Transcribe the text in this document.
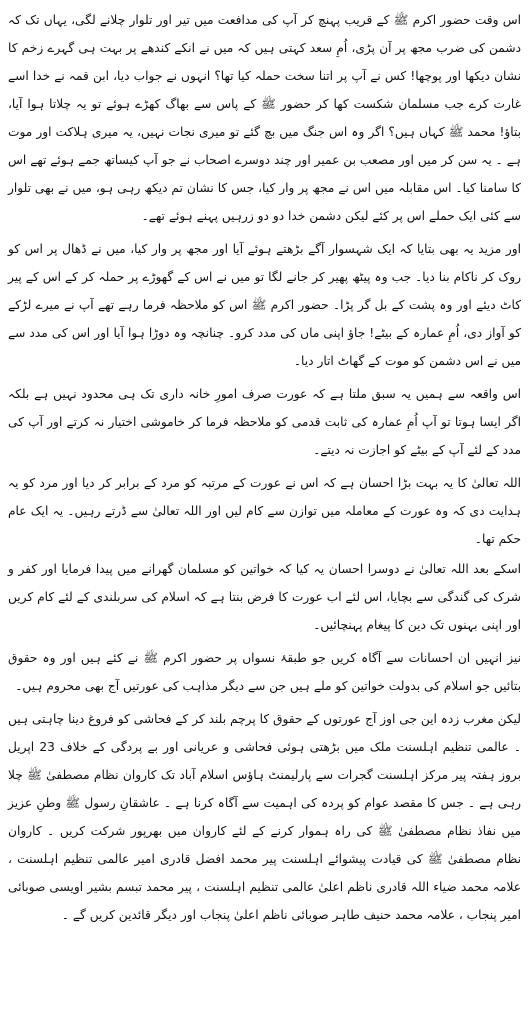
اس وقت حضور اکرم ﷺ کے قریب پہنچ کر آپ کی مدافعت میں تیر اور تلوار چلانے لگی، یہاں تک کہ دشمن کی ضرب مجھ پر آن پڑی، اُمِ سعد کہتی ہیں کہ میں نے انکے کندھے پر بہت ہی گہرے زخم کا نشان دیکھا اور پوچھا! کس نے آپ پر اتنا سخت حملہ کیا تھا؟ انہوں نے جواب دیا، ابن قمہ نے خدا اسے غارت کرے جب مسلمان شکست کھا کر حضور ﷺ کے پاس سے بھاگ کھڑے ہوئے تو یہ چلاتا ہوا آیا، بتاؤ! محمد ﷺ کہاں ہیں؟ اگر وہ اس جنگ میں بچ گئے تو میری نجات نہیں، یہ میری ہلاکت اور موت ہے ۔ یہ سن کر میں اور مصعب بن عمیر اور چند دوسرے اصحاب نے جو آپ کیساتھ جمے ہوئے تھے اس کا سامنا کیا۔ اس مقابلہ میں اس نے مجھ پر وار کیا، جس کا نشان تم دیکھ رہی ہو، میں نے بھی تلوار سے کئی ایک حملے اس پر کئے لیکن دشمن خدا دو دو زرہیں پہنے ہوئے تھے۔

اور مزید یہ بھی بتایا کہ ایک شہسوار آگے بڑھتے ہوئے آیا اور مجھ پر وار کیا، میں نے ڈھال پر اس کو روک کر ناکام بنا دیا۔ جب وہ پیٹھ پھیر کر جانے لگا تو میں نے اس کے گھوڑے پر حملہ کر کے اس کے پیر کاٹ دیئے اور وہ پشت کے بل گر پڑا۔ حضور اکرم ﷺ اس کو ملاحظہ فرما رہے تھے آپ نے میرے لڑکے کو آواز دی، اُمِ عمارہ کے بیٹے! جاؤ اپنی ماں کی مدد کرو۔ چنانچہ وہ دوڑا ہوا آیا اور اس کی مدد سے میں نے اس دشمن کو موت کے گھاٹ اتار دیا۔

اس واقعہ سے ہمیں یہ سبق ملتا ہے کہ عورت صرف امورِ خانہ داری تک ہی محدود نہیں ہے بلکہ اگر ایسا ہوتا تو آپ اُمِ عمارہ کی ثابت قدمی کو ملاحظہ فرما کر خاموشی اختیار نہ کرتے اور آپ کی مدد کے لئے آپ کے بیٹے کو اجازت نہ دیتے۔

اللہ تعالیٰ کا یہ بہت بڑا احسان ہے کہ اس نے عورت کے مرتبہ کو مرد کے برابر کر دیا اور مرد کو یہ ہدایت دی کہ وہ عورت کے معاملہ میں توازن سے کام لیں اور اللہ تعالیٰ سے ڈرتے رہیں۔ یہ ایک عام حکم تھا۔

اسکے بعد اللہ تعالیٰ نے دوسرا احسان یہ کیا کہ خواتین کو مسلمان گھرانے میں پیدا فرمایا اور کفر و شرک کی گندگی سے بچایا، اس لئے اب عورت کا فرض بنتا ہے کہ اسلام کی سربلندی کے لئے کام کریں اور اپنی بہنوں تک دین کا پیغام پہنچائیں۔

نیز انہیں ان احسانات سے آگاہ کریں جو طبقۂ نسواں پر حضور اکرم ﷺ نے کئے ہیں اور وہ حقوق بتائیں جو اسلام کی بدولت خواتین کو ملے ہیں جن سے دیگر مذاہب کی عورتیں آج بھی محروم ہیں۔

لیکن مغرب زدہ این جی اوز آج عورتوں کے حقوق کا پرچم بلند کر کے فحاشی کو فروغ دینا چاہتی ہیں ۔ عالمی تنظیم اہلسنت ملک میں بڑھتی ہوئی فحاشی و عریانی اور بے پردگی کے خلاف 23 اپریل بروز ہفتہ پیر مرکز اہلسنت گجرات سے پارلیمنٹ ہاؤس اسلام آباد تک کاروان نظام مصطفیٰ ﷺ چلا رہی ہے ۔ جس کا مقصد عوام کو پردہ کی اہمیت سے آگاہ کرنا ہے ۔ عاشقانِ رسول ﷺ وطنِ عزیز میں نفاذ نظام مصطفیٰ ﷺ کی راہ ہموار کرنے کے لئے کاروان میں بھرپور شرکت کریں ۔ کاروان نظام مصطفیٰ ﷺ کی قیادت پیشوائے اہلسنت پیر محمد افضل قادری امیر عالمی تنظیم اہلسنت ، علامہ محمد ضیاء اللہ قادری ناظم اعلیٰ عالمی تنظیم اہلسنت ، پیر محمد تبسم بشیر اویسی صوبائی امیر پنجاب ، علامہ محمد حنیف طاہر صوبائی ناظم اعلیٰ پنجاب اور دیگر قائدین کریں گے ۔
